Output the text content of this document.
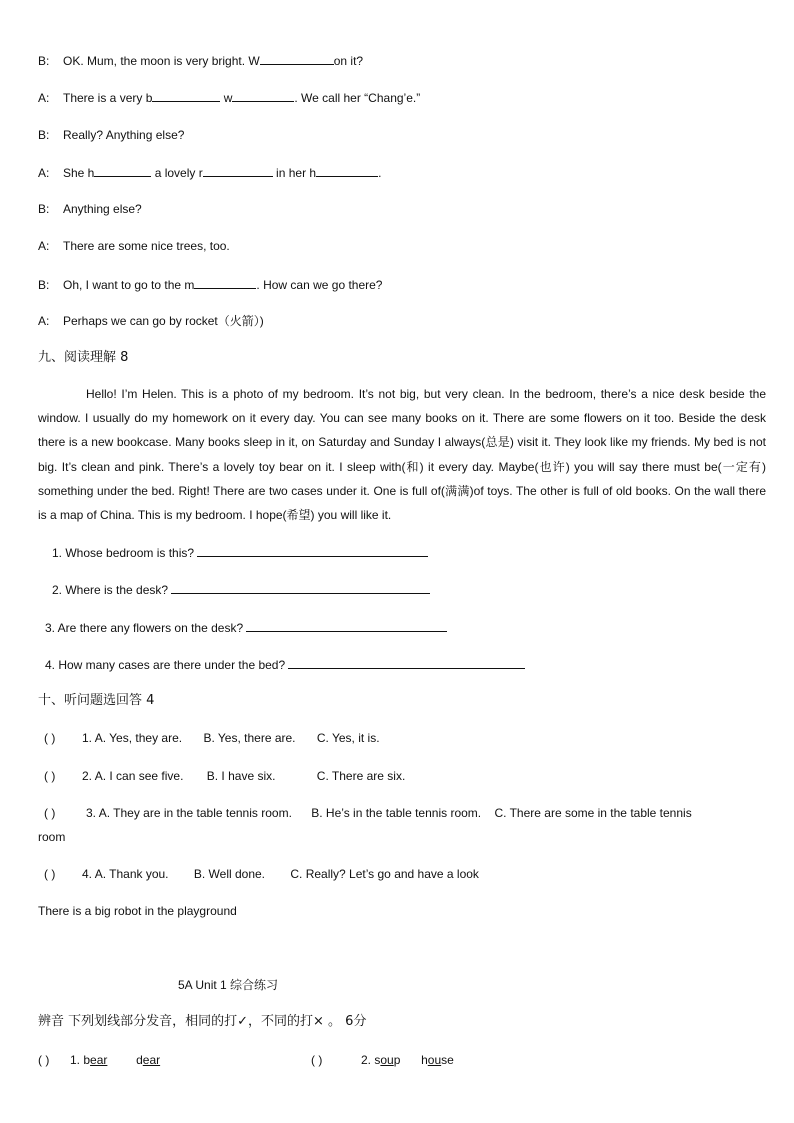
B: OK. Mum, the moon is very bright. W	on it?
A: There is a very b	w	. We call her “Chang’e.”
B: Really? Anything else?
A: She h	a lovely r	in her h	.
B: Anything else?
A: There are some nice trees, too.
B: Oh, I want to go to the m	. How can we go there?
A: Perhaps we can go by rocket（火箭）)
九、阅读理解 8

Hello! I’m Helen. This is a photo of my bedroom. It’s not big, but very clean. In the bedroom, there’s a nice desk beside the window. I usually do my homework on it every day. You can see many books on it. There are some flowers on it too. Beside the desk there is a new bookcase. Many books sleep in it, on Saturday and Sunday I always(总是) visit it. They look like my friends. My bed is not big. It’s clean and pink. There’s a lovely toy bear on it. I sleep with(和) it every day. Maybe(也许) you will say there must be(一定有) something under the bed. Right! There are two cases under it. One is full of(满满)of toys. The other is full of old books. On the wall there is a map of China. This is my bedroom. I hope(希望) you will like it.

1. Whose bedroom is this?
2. Where is the desk?
3. Are there any flowers on the desk?
4. How many cases are there under the bed?
十、听问题选回答 4
( ) 1. A. Yes, they are. B. Yes, there are. C. Yes, it is.
( ) 2. A. I can see five. B. I have six.	C. There are six.
( )	3. A. They are in the table tennis room. B. He’s in the table tennis room. C. There are some in the table tennis
room
( ) 4. A. Thank you. B. Well done. C. Really? Let’s go and have a look
There is a big robot in the playground
5A Unit 1 综合练习
辨音 下列划线部分发音，相同的打✓，不同的打× 。 6分
( ) 1. bear dear	( )	2. soup house
